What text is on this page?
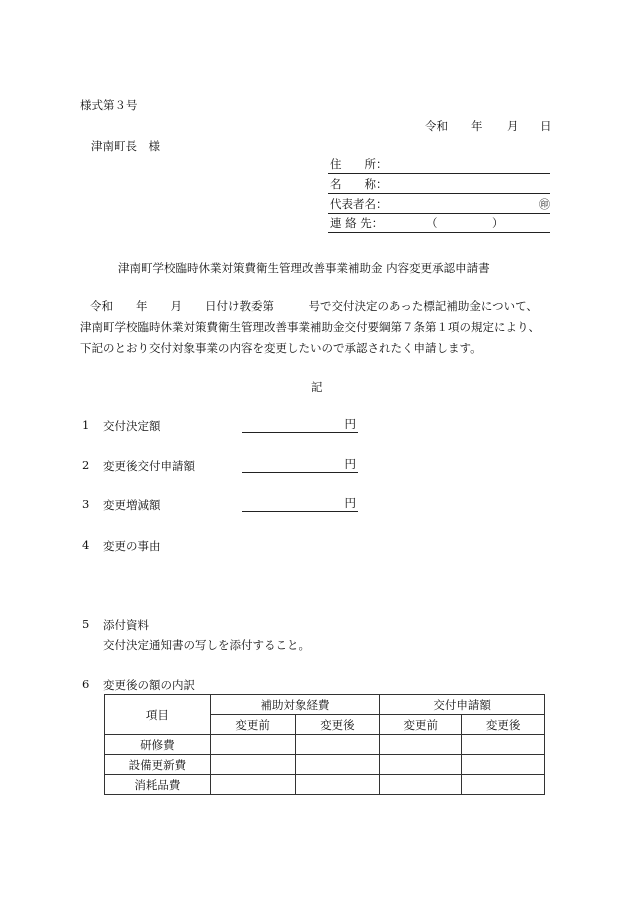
様式第３号
令和 年 月 日
津南町長　様
住　　所：
名　　称：
代表者名：	㊞
連 絡 先：	（	）
津南町学校臨時休業対策費衛生管理改善事業補助金 内容変更承認申請書
令和　　年　　月　　日付け教委第　　　号で交付決定のあった標記補助金について、
津南町学校臨時休業対策費衛生管理改善事業補助金交付要綱第７条第１項の規定により、
下記のとおり交付対象事業の内容を変更したいので承認されたく申請します。
記
1 交付決定額	円
2 変更後交付申請額	円
3 変更増減額	円
4 変更の事由
5 添付資料
交付決定通知書の写しを添付すること。
6 変更後の額の内訳
項目	補助対象経費		交付申請額	
	変更前	変更後	変更前	変更後
研修費				
設備更新費				
消耗品費				
